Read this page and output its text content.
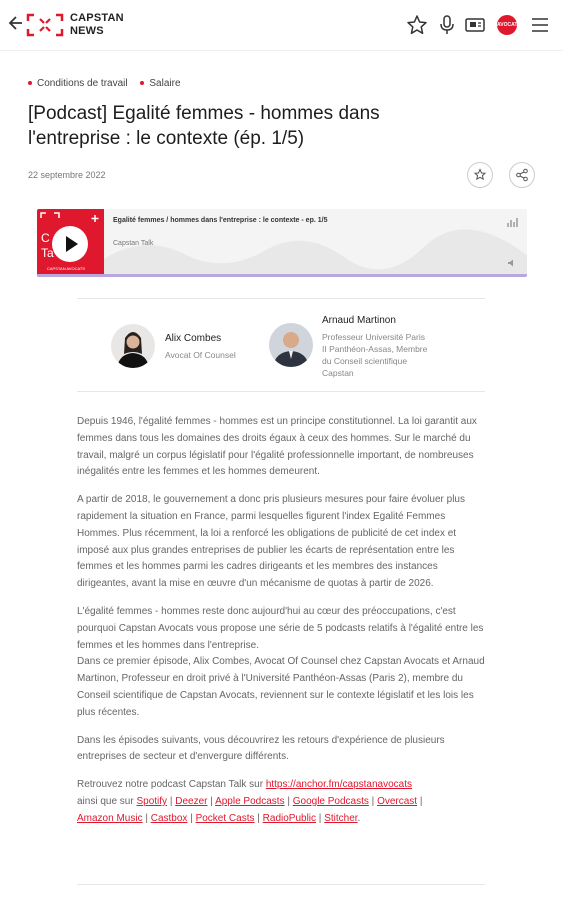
CAPSTAN
NEWS	AVOCATS
Conditions de travail Salaire
[Podcast] Egalité femmes - hommes dans l'entreprise : le contexte (ép. 1/5)
22 septembre 2022
C
Ta
CAPSTAN AVOCATS
Egalité femmes / hommes dans l'entreprise : le contexte - ep. 1/5
Capstan Talk
Alix Combes
Avocat Of Counsel
Arnaud Martinon
Professeur Université Paris
II Panthéon-Assas, Membre
du Conseil scientifique
Capstan

Depuis 1946, l'égalité femmes - hommes est un principe constitutionnel. La loi garantit aux femmes dans tous les domaines des droits égaux à ceux des hommes. Sur le marché du travail, malgré un corpus législatif pour l'égalité professionnelle important, de nombreuses inégalités entre les femmes et les hommes demeurent.

A partir de 2018, le gouvernement a donc pris plusieurs mesures pour faire évoluer plus rapidement la situation en France, parmi lesquelles figurent l'index Egalité Femmes Hommes. Plus récemment, la loi a renforcé les obligations de publicité de cet index et imposé aux plus grandes entreprises de publier les écarts de représentation entre les femmes et les hommes parmi les cadres dirigeants et les membres des instances dirigeantes, avant la mise en œuvre d'un mécanisme de quotas à partir de 2026.

L'égalité femmes - hommes reste donc aujourd'hui au cœur des préoccupations, c'est pourquoi Capstan Avocats vous propose une série de 5 podcasts relatifs à l'égalité entre les femmes et les hommes dans l'entreprise.
Dans ce premier épisode, Alix Combes, Avocat Of Counsel chez Capstan Avocats et Arnaud Martinon, Professeur en droit privé à l'Université Panthéon-Assas (Paris 2), membre du Conseil scientifique de Capstan Avocats, reviennent sur le contexte législatif et les lois les plus récentes.

Dans les épisodes suivants, vous découvrirez les retours d'expérience de plusieurs entreprises de secteur et d'envergure différents.

Retrouvez notre podcast Capstan Talk sur https://anchor.fm/capstanavocats
ainsi que sur Spotify | Deezer | Apple Podcasts | Google Podcasts | Overcast |
Amazon Music | Castbox | Pocket Casts | RadioPublic | Stitcher.
